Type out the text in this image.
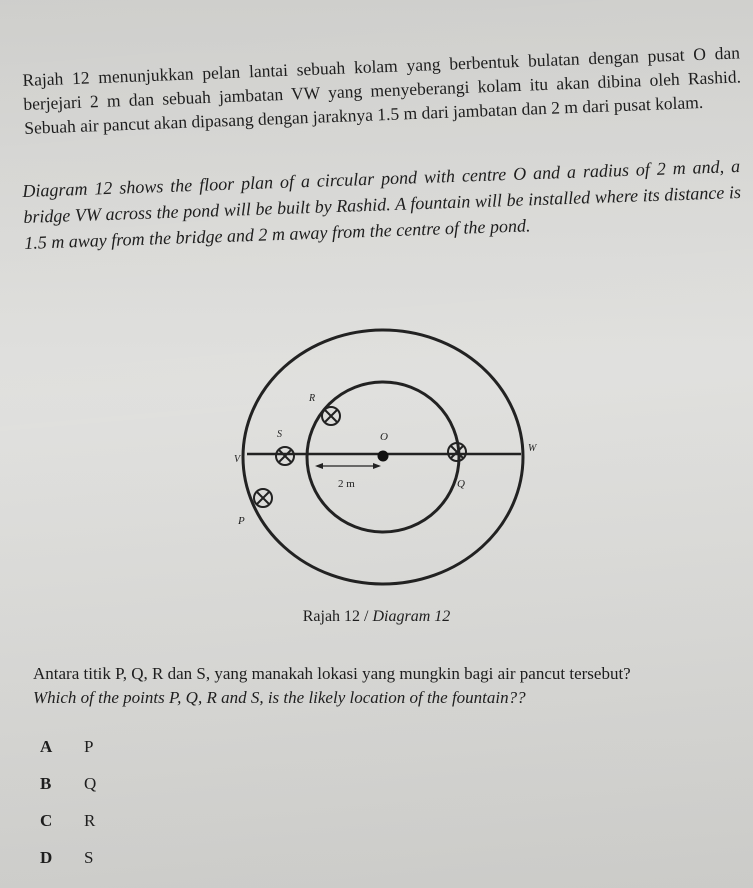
Rajah 12 menunjukkan pelan lantai sebuah kolam yang berbentuk bulatan dengan pusat O dan berjejari 2 m dan sebuah jambatan VW yang menyeberangi kolam itu akan dibina oleh Rashid. Sebuah air pancut akan dipasang dengan jaraknya 1.5 m dari jambatan dan 2 m dari pusat kolam.

Diagram 12 shows the floor plan of a circular pond with centre O and a radius of 2 m and, a bridge VW across the pond will be built by Rashid. A fountain will be installed where its distance is 1.5 m away from the bridge and 2 m away from the centre of the pond.

V
W
O
R
S
Q
P
2 m
Rajah 12 / Diagram 12

Antara titik P, Q, R dan S, yang manakah lokasi yang mungkin bagi air pancut tersebut?

Which of the points P, Q, R and S, is the likely location of the fountain??

A	P
B	Q
C	R
D	S
